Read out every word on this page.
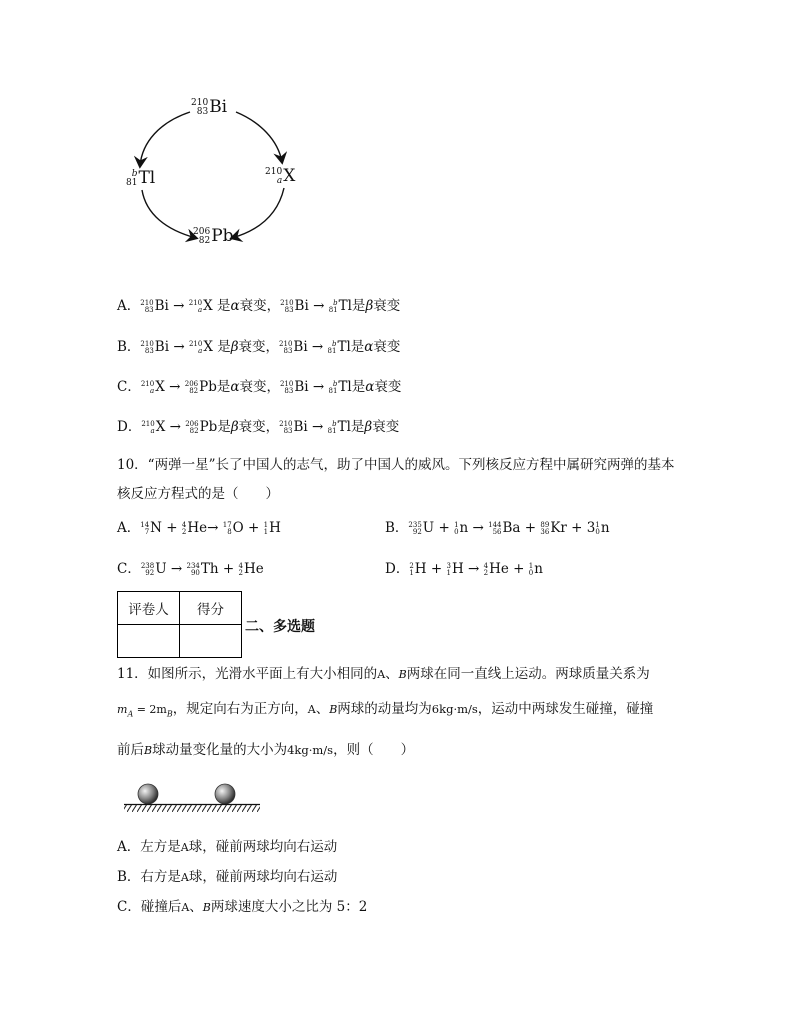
210
83 Bi
b
81 Tl	210
a X
206
82 Pb
A． 210
83 Bi → 210
a X 是α衰变， 210
83 Bi → b
81 Tl是β衰变
B． 210
83 Bi → 210
a X 是β衰变， 210
83 Bi → b
81 Tl是α衰变
C． 210
a X → 206
82 Pb是α衰变， 210
83 Bi → b
81 Tl是α衰变
D． 210
a X → 206
82 Pb是β衰变， 210
83 Bi → b
81 Tl是β衰变
10．“两弹一星”长了中国人的志气，助了中国人的威风。下列核反应方程中属研究两弹的基本
核反应方程式的是（　　）
A． 14
7 N + 4
2 He→ 17
8 O + 1
1 H	B． 235
92 U + 1
0 n → 144
56 Ba + 89
36 Kr + 3 1
0 n
C． 238
92 U → 234
90 Th + 4
2 He	D． 2
1 H + 3
1 H → 4
2 He + 1
0 n
评卷人	得分

二、多选题
11．如图所示，光滑水平面上有大小相同的A、B两球在同一直线上运动。两球质量关系为
$m_A = 2m_B$，规定向右为正方向，A、B两球的动量均为6kg·m/s，运动中两球发生碰撞，碰撞
前后B球动量变化量的大小为4kg·m/s，则（　　）
A．左方是A球，碰前两球均向右运动
B．右方是A球，碰前两球均向右运动
C．碰撞后A、B两球速度大小之比为 5：2
